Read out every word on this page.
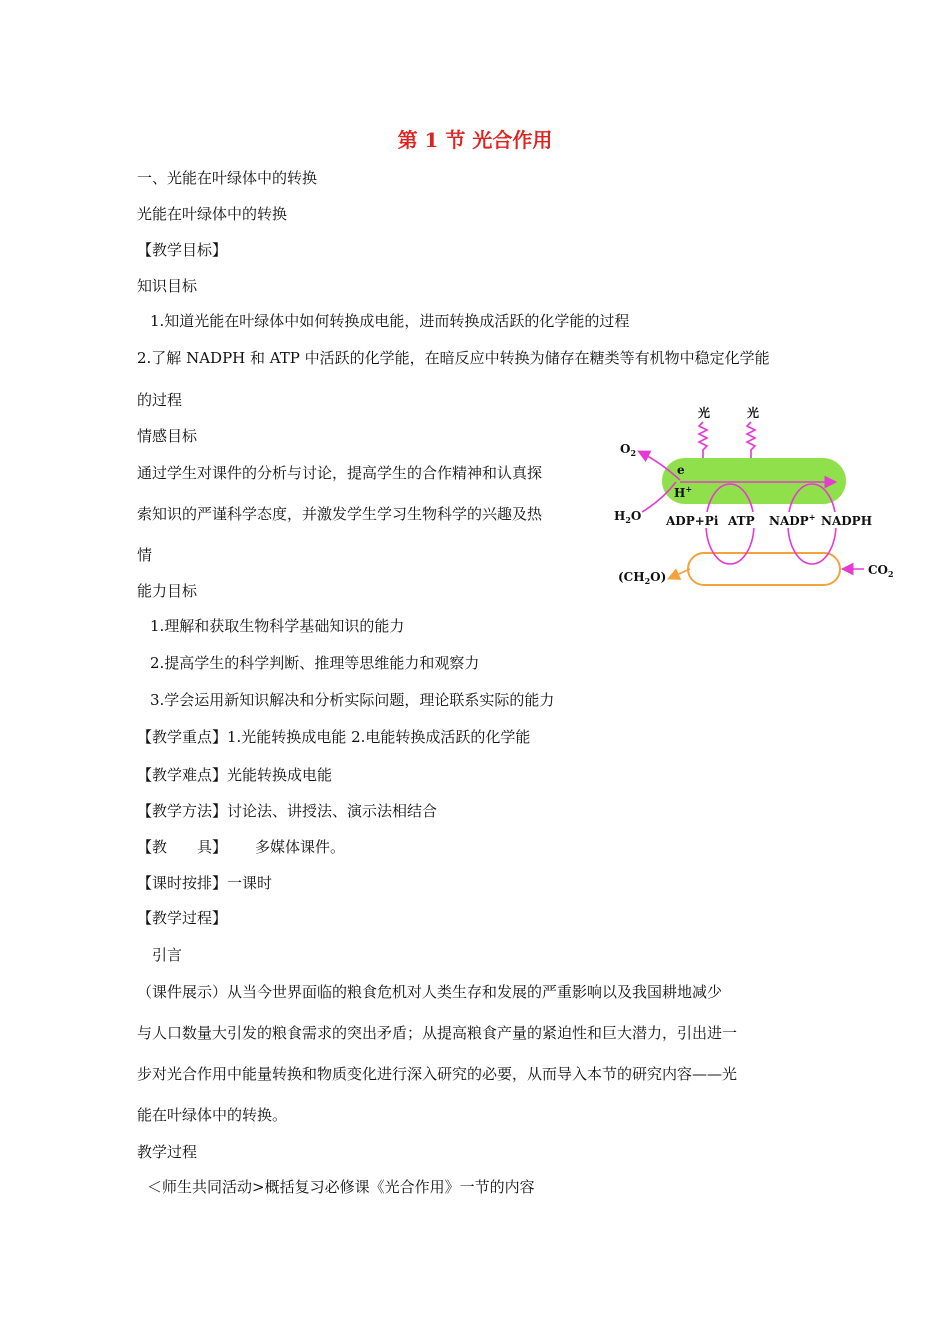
第 1 节 光合作用
一、光能在叶绿体中的转换
光能在叶绿体中的转换
【教学目标】
知识目标
1.知道光能在叶绿体中如何转换成电能，进而转换成活跃的化学能的过程
2.了解 NADPH 和 ATP 中活跃的化学能，在暗反应中转换为储存在糖类等有机物中稳定化学能
的过程
情感目标
通过学生对课件的分析与讨论，提高学生的合作精神和认真探
索知识的严谨科学态度，并激发学生学习生物科学的兴趣及热
情
能力目标
1.理解和获取生物科学基础知识的能力
2.提高学生的科学判断、推理等思维能力和观察力
3.学会运用新知识解决和分析实际问题，理论联系实际的能力
【教学重点】1.光能转换成电能 2.电能转换成活跃的化学能
【教学难点】光能转换成电能
【教学方法】讨论法、讲授法、演示法相结合
【教　　具】 多媒体课件。
【课时按排】一课时
【教学过程】
引言
（课件展示）从当今世界面临的粮食危机对人类生存和发展的严重影响以及我国耕地减少
与人口数量大引发的粮食需求的突出矛盾；从提高粮食产量的紧迫性和巨大潜力，引出进一
步对光合作用中能量转换和物质变化进行深入研究的必要，从而导入本节的研究内容——光
能在叶绿体中的转换。
教学过程
＜师生共同活动>概括复习必修课《光合作用》一节的内容
光	光
$O_2$
$H_2O$
e
H+
ADP+Pi ATP NADP+ NADPH
$(CH_2O)$	$CO_2$
